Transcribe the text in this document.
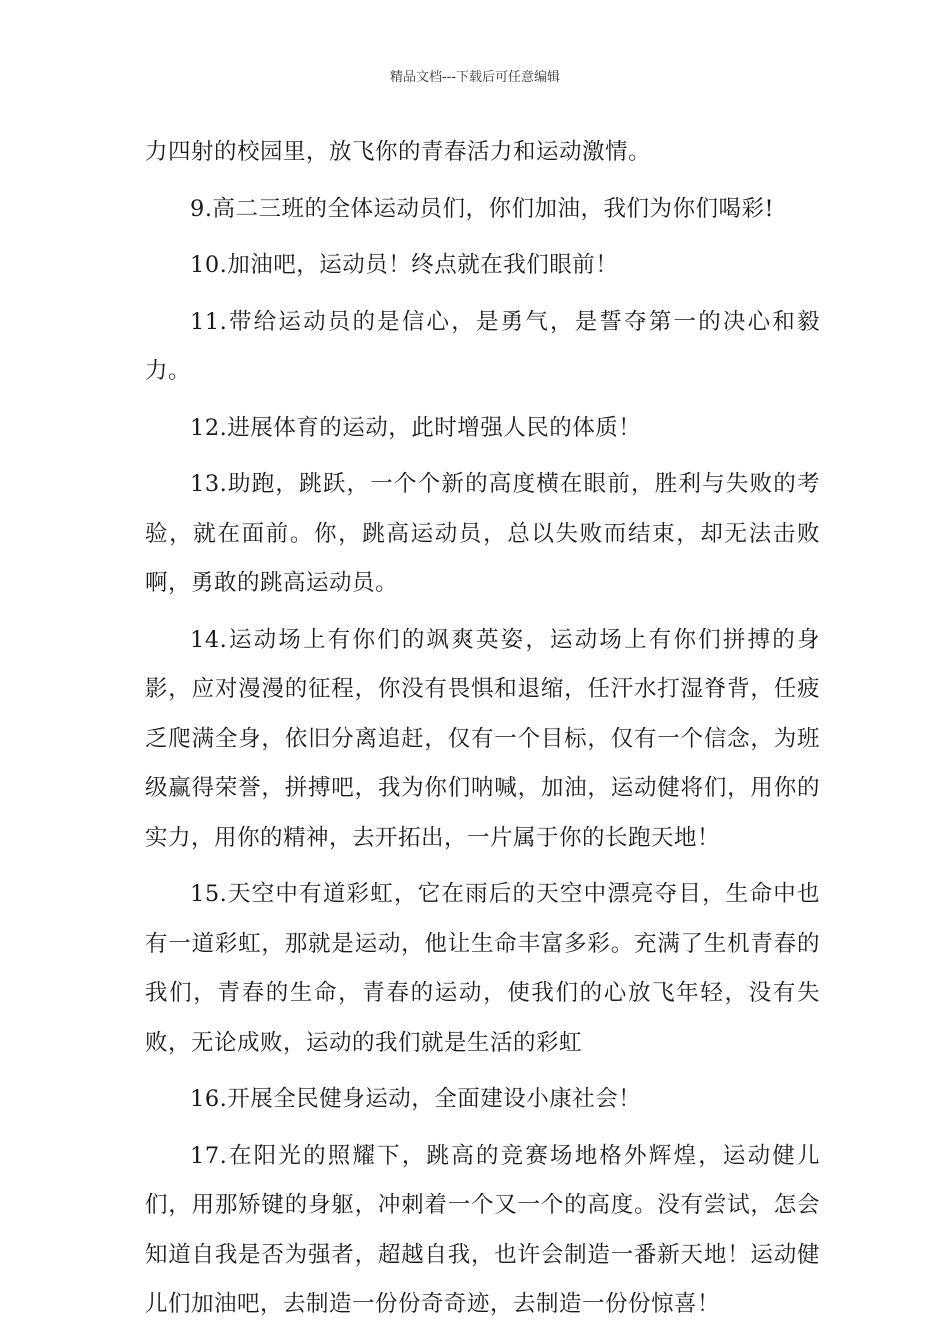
精品文档---下载后可任意编辑

力四射的校园里，放飞你的青春活力和运动激情。

9.高二三班的全体运动员们，你们加油，我们为你们喝彩!

10.加油吧，运动员！终点就在我们眼前！

11.带给运动员的是信心，是勇气，是誓夺第一的决心和毅力。

12.进展体育的运动，此时增强人民的体质！

13.助跑，跳跃，一个个新的高度横在眼前，胜利与失败的考验，就在面前。你，跳高运动员，总以失败而结束，却无法击败啊，勇敢的跳高运动员。

14.运动场上有你们的飒爽英姿，运动场上有你们拼搏的身影，应对漫漫的征程，你没有畏惧和退缩，任汗水打湿脊背，任疲乏爬满全身，依旧分离追赶，仅有一个目标，仅有一个信念，为班级赢得荣誉，拼搏吧，我为你们呐喊，加油，运动健将们，用你的实力，用你的精神，去开拓出，一片属于你的长跑天地！

15.天空中有道彩虹，它在雨后的天空中漂亮夺目，生命中也有一道彩虹，那就是运动，他让生命丰富多彩。充满了生机青春的我们，青春的生命，青春的运动，使我们的心放飞年轻，没有失败，无论成败，运动的我们就是生活的彩虹

16.开展全民健身运动，全面建设小康社会！

17.在阳光的照耀下，跳高的竞赛场地格外辉煌，运动健儿们，用那矫键的身躯，冲刺着一个又一个的高度。没有尝试，怎会知道自我是否为强者，超越自我，也许会制造一番新天地！运动健儿们加油吧，去制造一份份奇奇迹，去制造一份份惊喜！
